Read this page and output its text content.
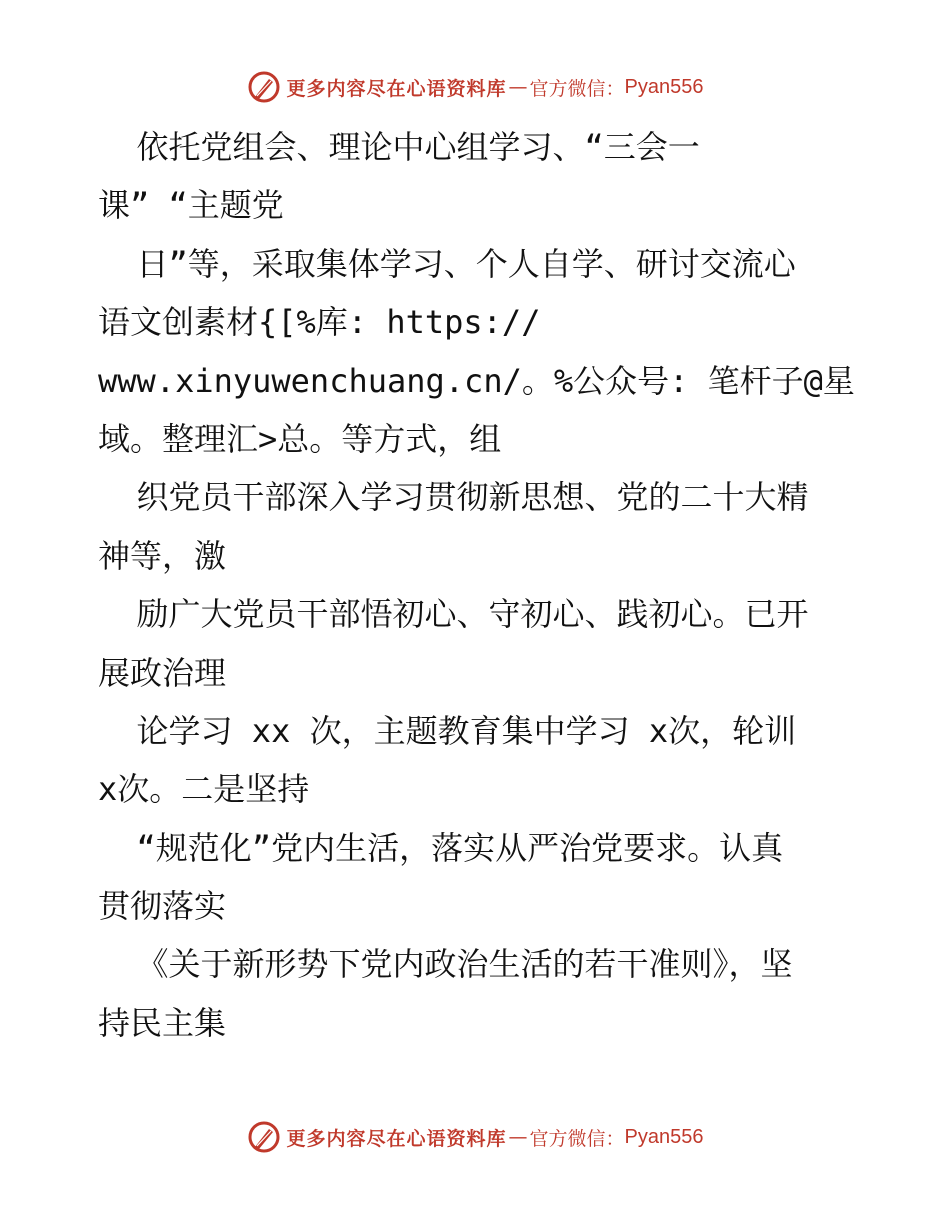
更多内容尽在心语资料库 — 官方微信： Pyan556
依托党组会、理论中心组学习、“三会一
课” “主题党
日”等，采取集体学习、个人自学、研讨交流心
语文创素材{[%库: https://
www.xinyuwenchuang.cn/。%公众号: 笔杆子@星
域。整理汇>总。等方式，组
织党员干部深入学习贯彻新思想、党的二十大精
神等，激
励广大党员干部悟初心、守初心、践初心。已开
展政治理
论学习 xx 次，主题教育集中学习 x次，轮训
x次。二是坚持
“规范化”党内生活，落实从严治党要求。认真
贯彻落实
《关于新形势下党内政治生活的若干准则》，坚
持民主集
更多内容尽在心语资料库 — 官方微信： Pyan556
